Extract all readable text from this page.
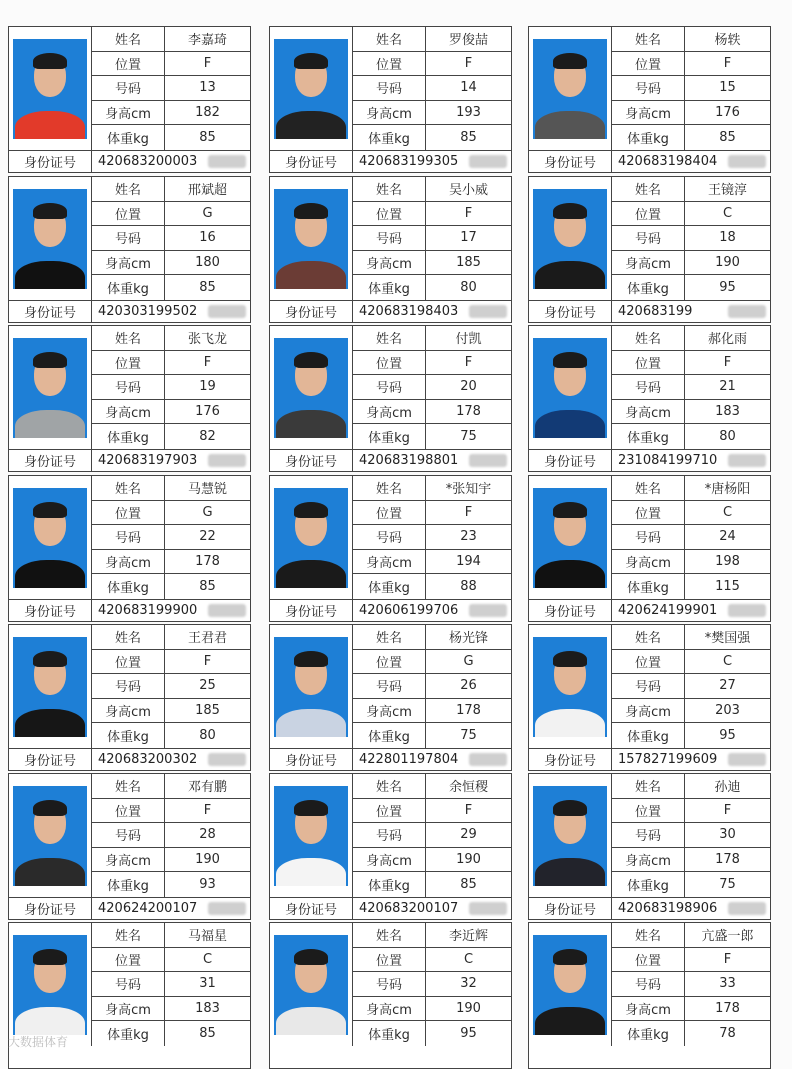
姓名	李嘉琦
位置	F
号码	13
身高cm	182
体重kg	85
身份证号	420683200003
姓名	罗俊喆
位置	F
号码	14
身高cm	193
体重kg	85
身份证号	420683199305
姓名	杨轶
位置	F
号码	15
身高cm	176
体重kg	85
身份证号	420683198404
姓名	邢斌超
位置	G
号码	16
身高cm	180
体重kg	85
身份证号	420303199502
姓名	吴小威
位置	F
号码	17
身高cm	185
体重kg	80
身份证号	420683198403
姓名	王镜淳
位置	C
号码	18
身高cm	190
体重kg	95
身份证号	420683199
姓名	张飞龙
位置	F
号码	19
身高cm	176
体重kg	82
身份证号	420683197903
姓名	付凯
位置	F
号码	20
身高cm	178
体重kg	75
身份证号	420683198801
姓名	郝化雨
位置	F
号码	21
身高cm	183
体重kg	80
身份证号	231084199710
姓名	马慧锐
位置	G
号码	22
身高cm	178
体重kg	85
身份证号	420683199900
姓名	*张知宇
位置	F
号码	23
身高cm	194
体重kg	88
身份证号	420606199706
姓名	*唐杨阳
位置	C
号码	24
身高cm	198
体重kg	115
身份证号	420624199901
姓名	王君君
位置	F
号码	25
身高cm	185
体重kg	80
身份证号	420683200302
姓名	杨光锋
位置	G
号码	26
身高cm	178
体重kg	75
身份证号	422801197804
姓名	*樊国强
位置	C
号码	27
身高cm	203
体重kg	95
身份证号	157827199609
姓名	邓有鹏
位置	F
号码	28
身高cm	190
体重kg	93
身份证号	420624200107
姓名	余恒稷
位置	F
号码	29
身高cm	190
体重kg	85
身份证号	420683200107
姓名	孙迪
位置	F
号码	30
身高cm	178
体重kg	75
身份证号	420683198906
姓名	马福星
位置	C
号码	31
身高cm	183
体重kg	85
姓名	李近辉
位置	C
号码	32
身高cm	190
体重kg	95
姓名	亢盛一郎
位置	F
号码	33
身高cm	178
体重kg	78
大数据体育
